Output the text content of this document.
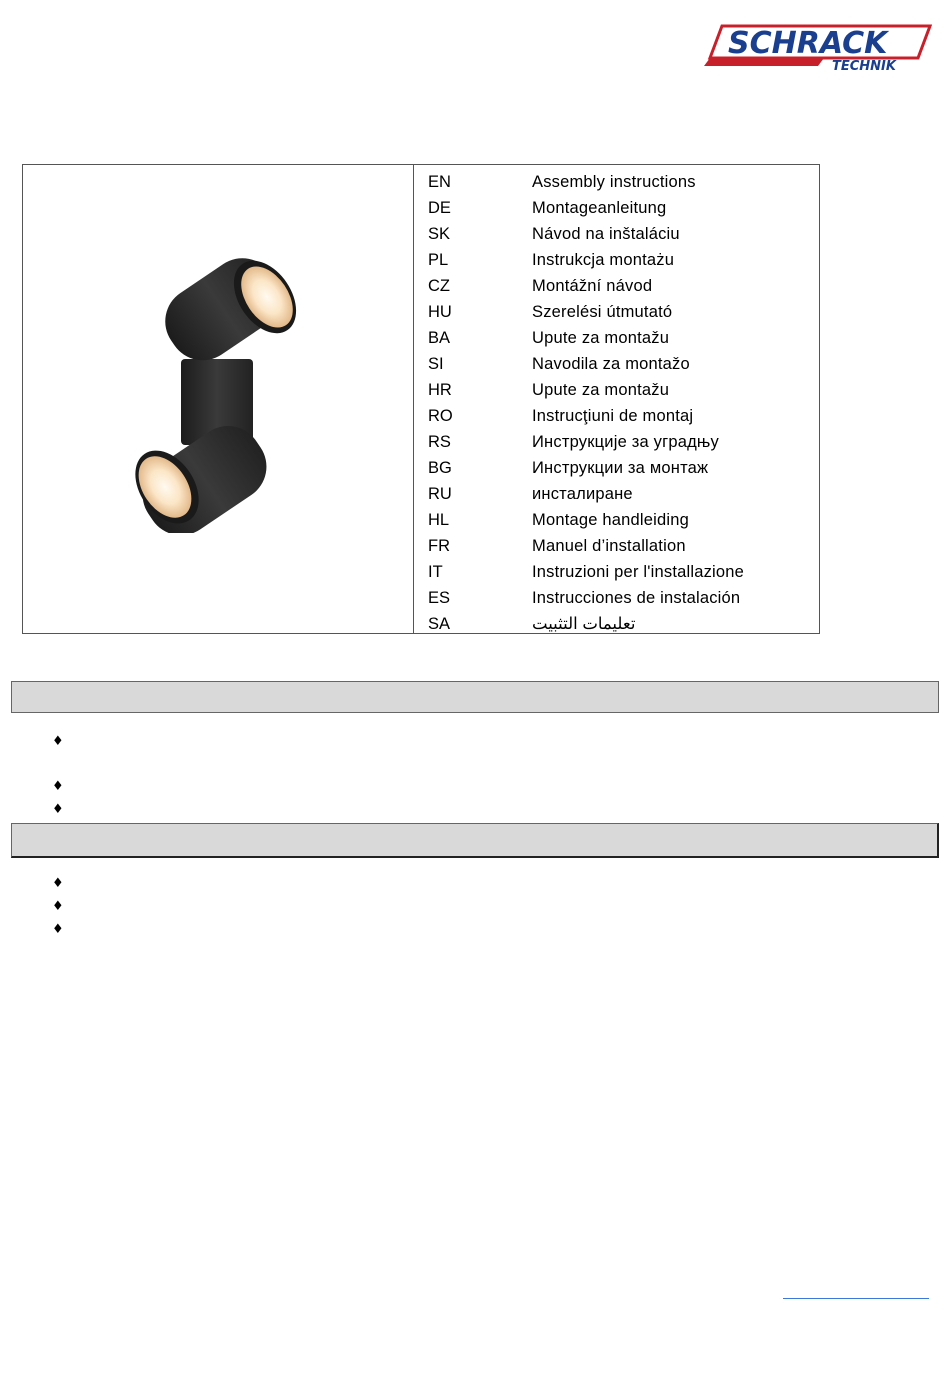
SCHRACK
TECHNIK
EN	Assembly instructions
DE	Montageanleitung
SK	Návod na inštaláciu
PL	Instrukcja montażu
CZ	Montážní návod
HU	Szerelési útmutató
BA	Upute za montažu
SI	Navodila za montažo
HR	Upute za montažu
RO	Instrucţiuni de montaj
RS	Инструкције за уградњу
BG	Инструкции за монтаж
RU	инсталиране
HL	Montage handleiding
FR	Manuel d’installation
IT	Instruzioni per l'installazione
ES	Instrucciones de instalación
SA	تعليمات التثبيت
♦
♦
♦
♦
♦
♦
